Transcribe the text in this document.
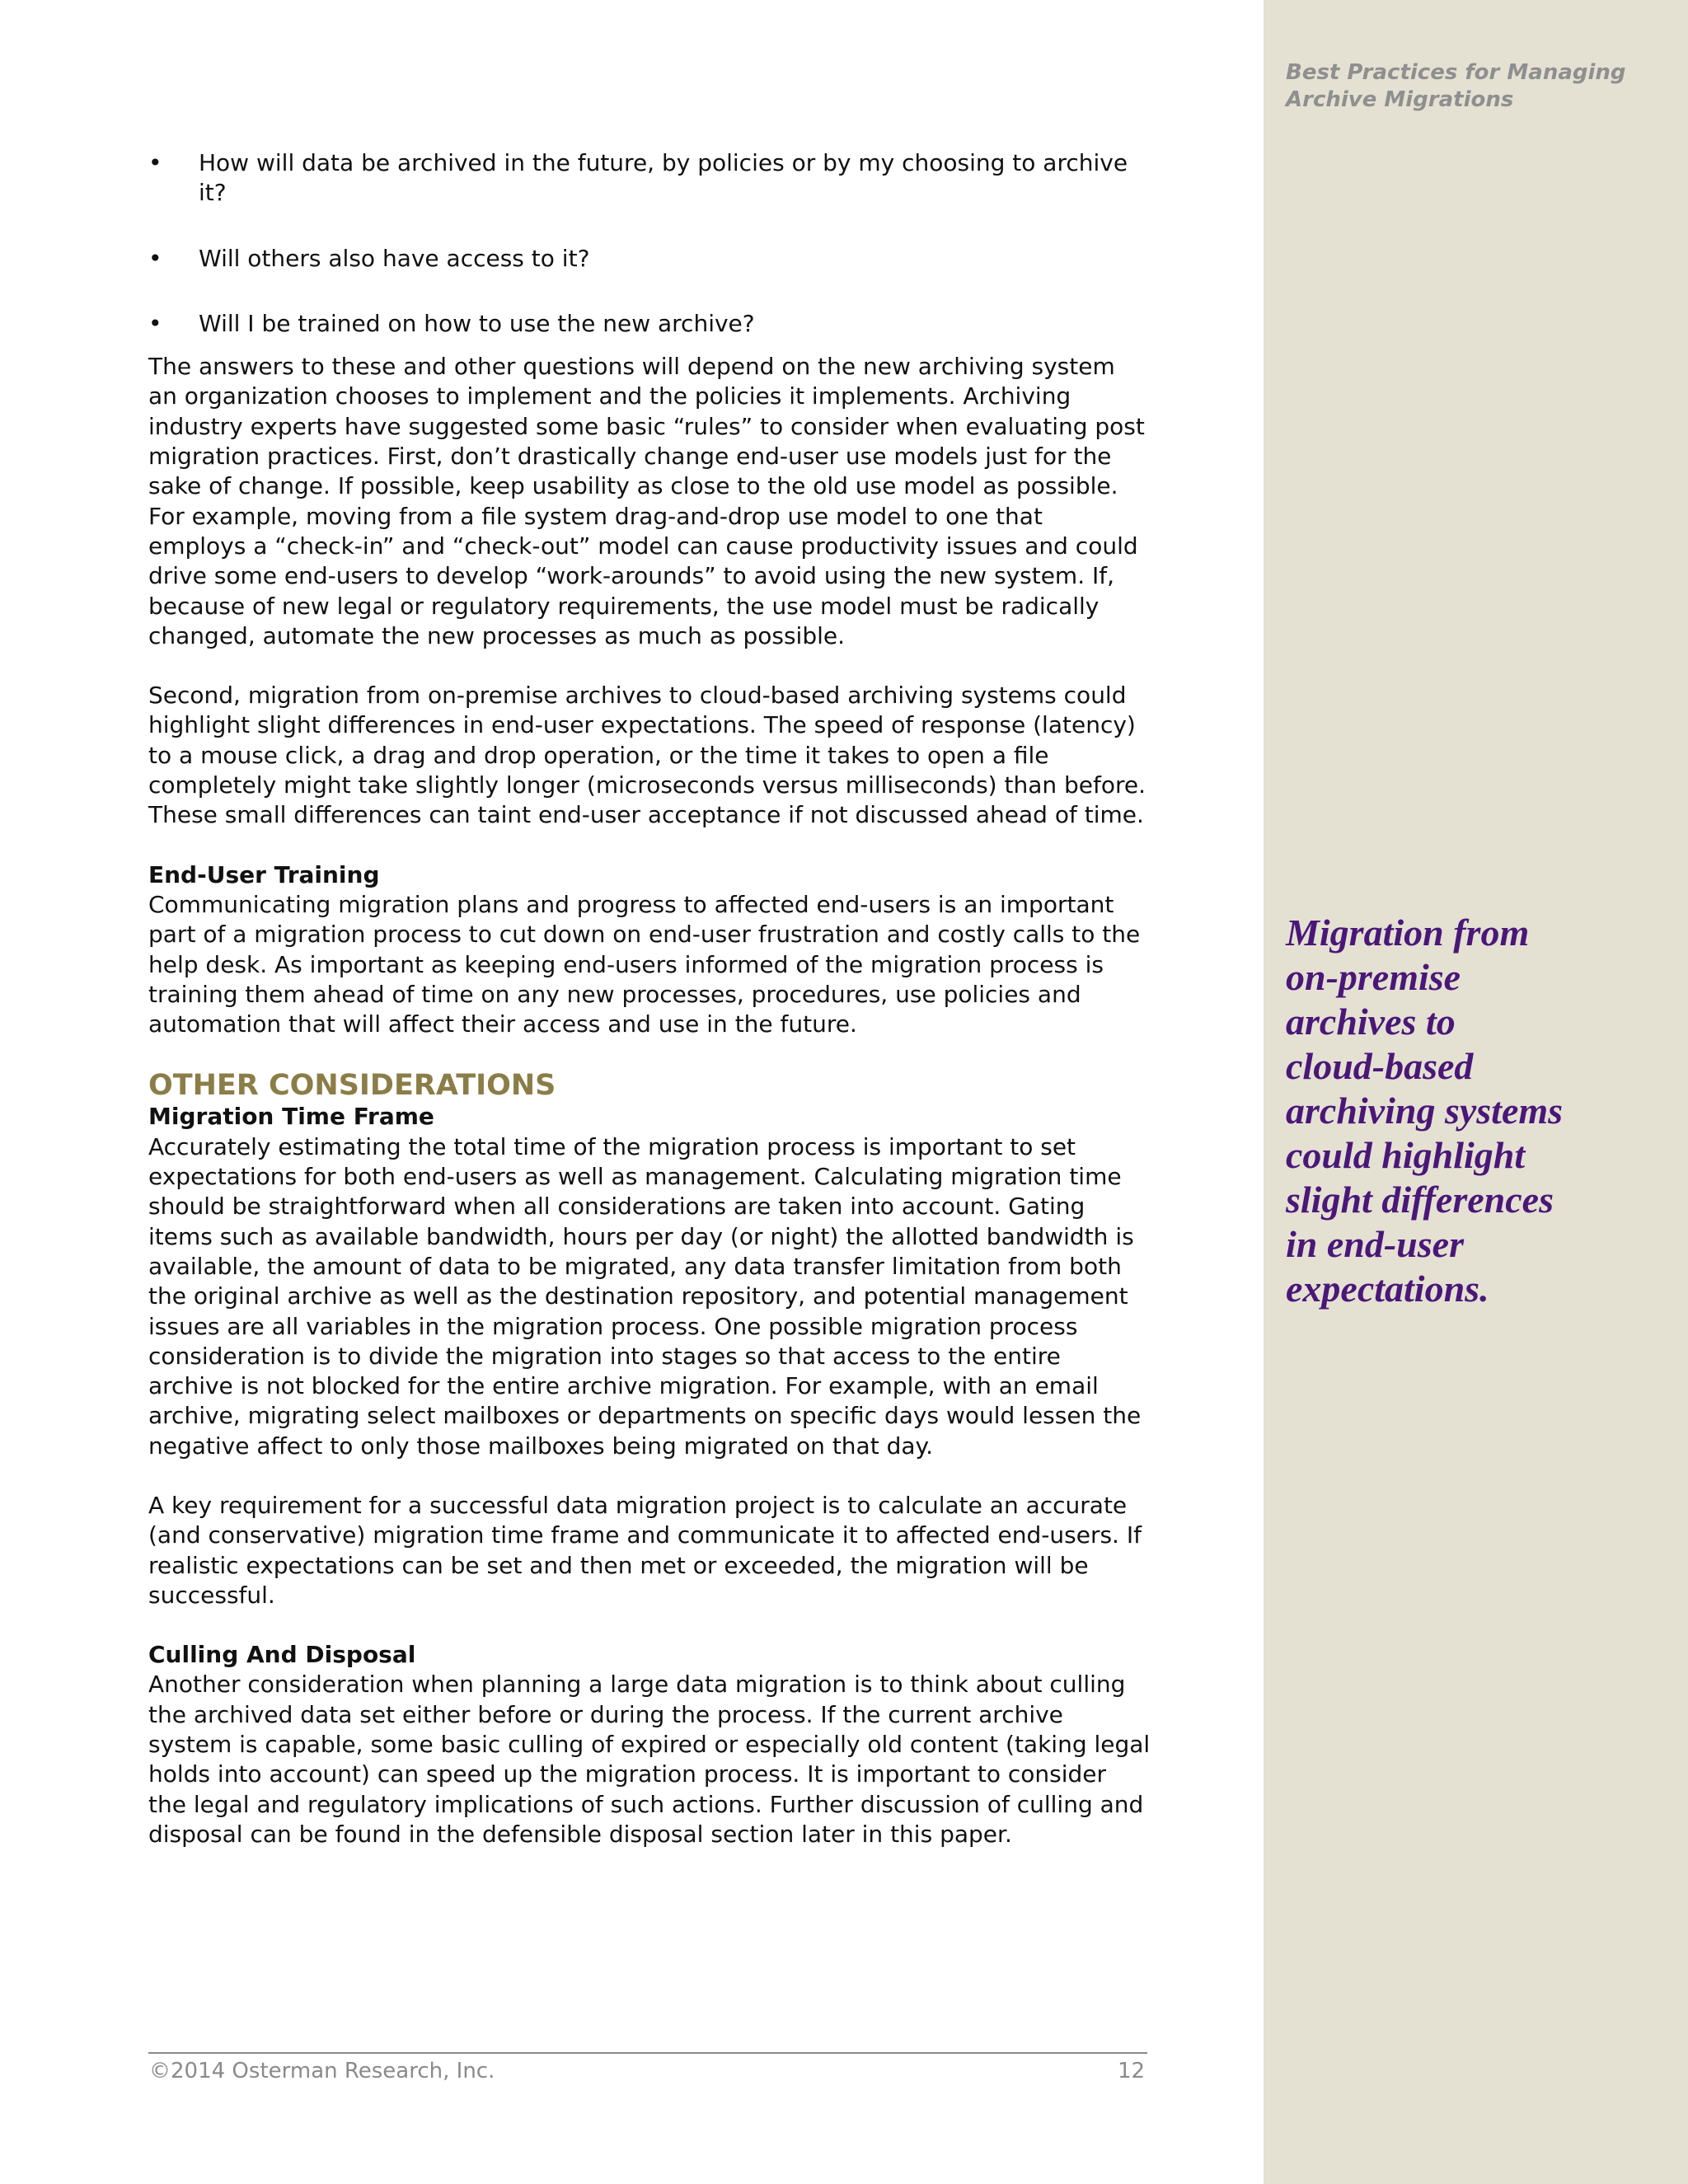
Best Practices for Managing
Archive Migrations
Migration from
on-premise
archives to
cloud-based
archiving systems
could highlight
slight differences
in end-user
expectations.
• How will data be archived in the future, by policies or by my choosing to archive
it?
• Will others also have access to it?
• Will I be trained on how to use the new archive?
The answers to these and other questions will depend on the new archiving system
an organization chooses to implement and the policies it implements. Archiving
industry experts have suggested some basic “rules” to consider when evaluating post
migration practices. First, don’t drastically change end-user use models just for the
sake of change. If possible, keep usability as close to the old use model as possible.
For example, moving from a file system drag-and-drop use model to one that
employs a “check-in” and “check-out” model can cause productivity issues and could
drive some end-users to develop “work-arounds” to avoid using the new system. If,
because of new legal or regulatory requirements, the use model must be radically
changed, automate the new processes as much as possible.
Second, migration from on-premise archives to cloud-based archiving systems could
highlight slight differences in end-user expectations. The speed of response (latency)
to a mouse click, a drag and drop operation, or the time it takes to open a file
completely might take slightly longer (microseconds versus milliseconds) than before.
These small differences can taint end-user acceptance if not discussed ahead of time.
End-User Training
Communicating migration plans and progress to affected end-users is an important
part of a migration process to cut down on end-user frustration and costly calls to the
help desk. As important as keeping end-users informed of the migration process is
training them ahead of time on any new processes, procedures, use policies and
automation that will affect their access and use in the future.
OTHER CONSIDERATIONS
Migration Time Frame
Accurately estimating the total time of the migration process is important to set
expectations for both end-users as well as management. Calculating migration time
should be straightforward when all considerations are taken into account. Gating
items such as available bandwidth, hours per day (or night) the allotted bandwidth is
available, the amount of data to be migrated, any data transfer limitation from both
the original archive as well as the destination repository, and potential management
issues are all variables in the migration process. One possible migration process
consideration is to divide the migration into stages so that access to the entire
archive is not blocked for the entire archive migration. For example, with an email
archive, migrating select mailboxes or departments on specific days would lessen the
negative affect to only those mailboxes being migrated on that day.
A key requirement for a successful data migration project is to calculate an accurate
(and conservative) migration time frame and communicate it to affected end-users. If
realistic expectations can be set and then met or exceeded, the migration will be
successful.
Culling And Disposal
Another consideration when planning a large data migration is to think about culling
the archived data set either before or during the process. If the current archive
system is capable, some basic culling of expired or especially old content (taking legal
holds into account) can speed up the migration process. It is important to consider
the legal and regulatory implications of such actions. Further discussion of culling and
disposal can be found in the defensible disposal section later in this paper.
©2014 Osterman Research, Inc.	12
